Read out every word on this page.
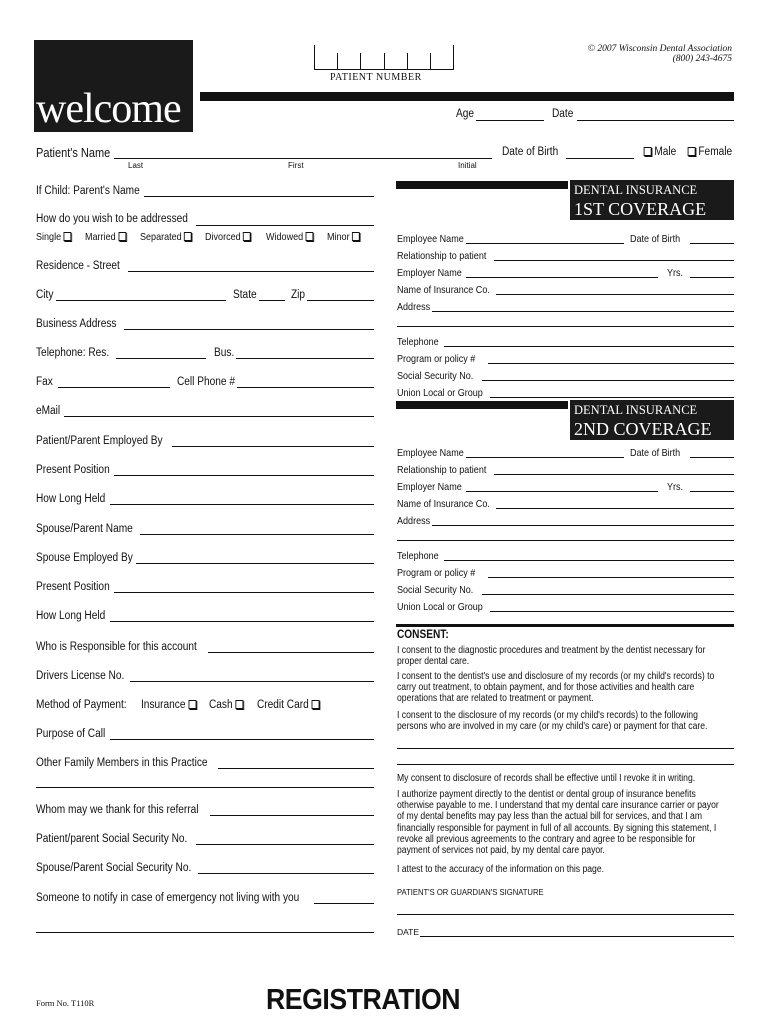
welcome
PATIENT NUMBER
© 2007 Wisconsin Dental Association
(800) 243-4675
Age	Date
Patient's Name
Last	First	Initial
Date of Birth	Male	Female
If Child: Parent's Name
How do you wish to be addressed
Single	Married	Separated	Divorced	Widowed	Minor
Residence - Street
City	State	Zip
Business Address
Telephone: Res.	Bus.
Fax	Cell Phone #
eMail
Patient/Parent Employed By
Present Position
How Long Held
Spouse/Parent Name
Spouse Employed By
Present Position
How Long Held
Who is Responsible for this account
Drivers License No.
Method of Payment: Insurance	Cash	Credit Card
Purpose of Call
Other Family Members in this Practice
Whom may we thank for this referral
Patient/parent Social Security No.
Spouse/Parent Social Security No.
Someone to notify in case of emergency not living with you
DENTAL INSURANCE
1ST COVERAGE
Employee Name	Date of Birth
Relationship to patient
Employer Name	Yrs.
Name of Insurance Co.
Address
Telephone
Program or policy #
Social Security No.
Union Local or Group
DENTAL INSURANCE
2ND COVERAGE
Employee Name	Date of Birth
Relationship to patient
Employer Name	Yrs.
Name of Insurance Co.
Address
Telephone
Program or policy #
Social Security No.
Union Local or Group
CONSENT:
I consent to the diagnostic procedures and treatment by the dentist necessary for proper dental care.
I consent to the dentist's use and disclosure of my records (or my child's records) to carry out treatment, to obtain payment, and for those activities and health care operations that are related to treatment or payment.
I consent to the disclosure of my records (or my child's records) to the following persons who are involved in my care (or my child's care) or payment for that care.
My consent to disclosure of records shall be effective until I revoke it in writing.
I authorize payment directly to the dentist or dental group of insurance benefits otherwise payable to me. I understand that my dental care insurance carrier or payor of my dental benefits may pay less than the actual bill for services, and that I am financially responsible for payment in full of all accounts. By signing this statement, I revoke all previous agreements to the contrary and agree to be responsible for payment of services not paid, by my dental care payor.
I attest to the accuracy of the information on this page.
PATIENT'S OR GUARDIAN'S SIGNATURE
DATE
Form No. T110R	REGISTRATION
